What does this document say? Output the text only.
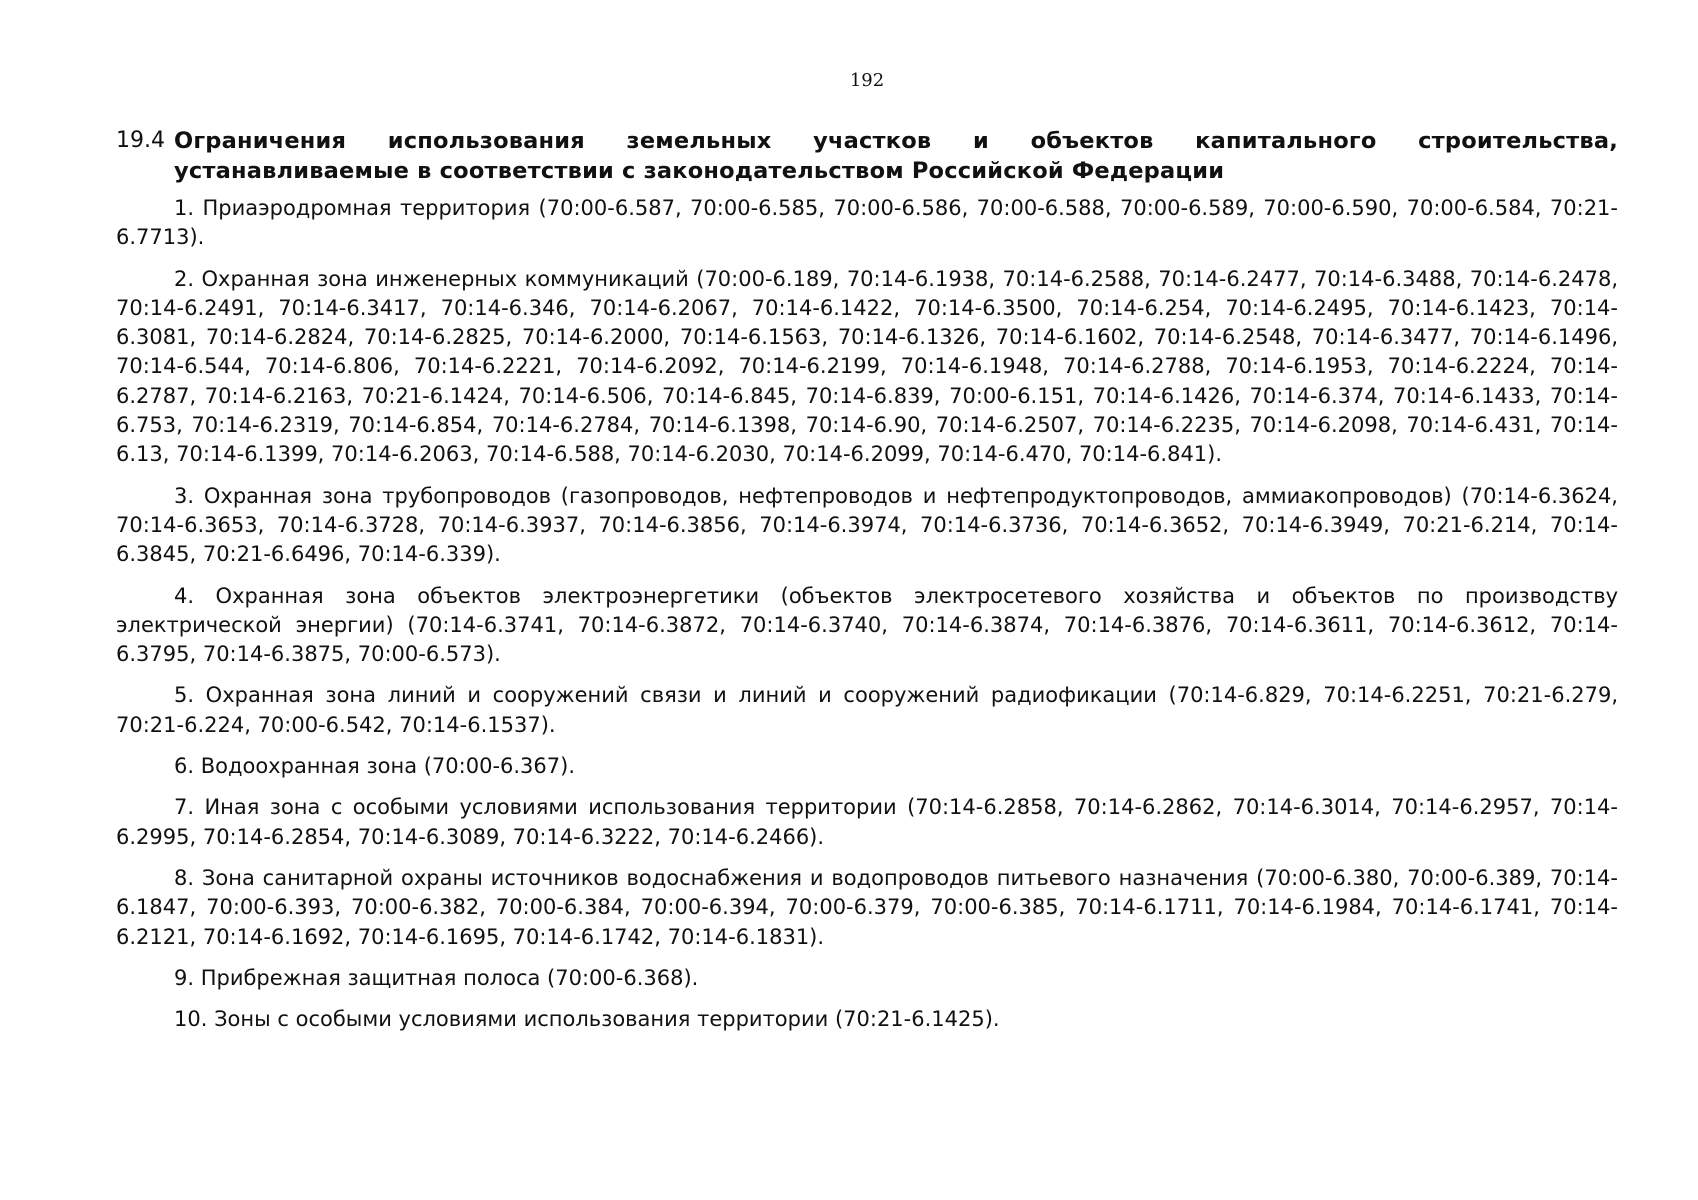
192
19.4 Ограничения использования земельных участков и объектов капитального строительства, устанавливаемые в соответствии с законодательством Российской Федерации

1. Приаэродромная территория (70:00-6.587, 70:00-6.585, 70:00-6.586, 70:00-6.588, 70:00-6.589, 70:00-6.590, 70:00-6.584, 70:21-6.7713).

2. Охранная зона инженерных коммуникаций (70:00-6.189, 70:14-6.1938, 70:14-6.2588, 70:14-6.2477, 70:14-6.3488, 70:14-6.2478, 70:14-6.2491, 70:14-6.3417, 70:14-6.346, 70:14-6.2067, 70:14-6.1422, 70:14-6.3500, 70:14-6.254, 70:14-6.2495, 70:14-6.1423, 70:14-6.3081, 70:14-6.2824, 70:14-6.2825, 70:14-6.2000, 70:14-6.1563, 70:14-6.1326, 70:14-6.1602, 70:14-6.2548, 70:14-6.3477, 70:14-6.1496, 70:14-6.544, 70:14-6.806, 70:14-6.2221, 70:14-6.2092, 70:14-6.2199, 70:14-6.1948, 70:14-6.2788, 70:14-6.1953, 70:14-6.2224, 70:14-6.2787, 70:14-6.2163, 70:21-6.1424, 70:14-6.506, 70:14-6.845, 70:14-6.839, 70:00-6.151, 70:14-6.1426, 70:14-6.374, 70:14-6.1433, 70:14-6.753, 70:14-6.2319, 70:14-6.854, 70:14-6.2784, 70:14-6.1398, 70:14-6.90, 70:14-6.2507, 70:14-6.2235, 70:14-6.2098, 70:14-6.431, 70:14-6.13, 70:14-6.1399, 70:14-6.2063, 70:14-6.588, 70:14-6.2030, 70:14-6.2099, 70:14-6.470, 70:14-6.841).

3. Охранная зона трубопроводов (газопроводов, нефтепроводов и нефтепродуктопроводов, аммиакопроводов) (70:14-6.3624, 70:14-6.3653, 70:14-6.3728, 70:14-6.3937, 70:14-6.3856, 70:14-6.3974, 70:14-6.3736, 70:14-6.3652, 70:14-6.3949, 70:21-6.214, 70:14-6.3845, 70:21-6.6496, 70:14-6.339).

4. Охранная зона объектов электроэнергетики (объектов электросетевого хозяйства и объектов по производству электрической энергии) (70:14-6.3741, 70:14-6.3872, 70:14-6.3740, 70:14-6.3874, 70:14-6.3876, 70:14-6.3611, 70:14-6.3612, 70:14-6.3795, 70:14-6.3875, 70:00-6.573).

5. Охранная зона линий и сооружений связи и линий и сооружений радиофикации (70:14-6.829, 70:14-6.2251, 70:21-6.279, 70:21-6.224, 70:00-6.542, 70:14-6.1537).

6. Водоохранная зона (70:00-6.367).

7. Иная зона с особыми условиями использования территории (70:14-6.2858, 70:14-6.2862, 70:14-6.3014, 70:14-6.2957, 70:14-6.2995, 70:14-6.2854, 70:14-6.3089, 70:14-6.3222, 70:14-6.2466).

8. Зона санитарной охраны источников водоснабжения и водопроводов питьевого назначения (70:00-6.380, 70:00-6.389, 70:14-6.1847, 70:00-6.393, 70:00-6.382, 70:00-6.384, 70:00-6.394, 70:00-6.379, 70:00-6.385, 70:14-6.1711, 70:14-6.1984, 70:14-6.1741, 70:14-6.2121, 70:14-6.1692, 70:14-6.1695, 70:14-6.1742, 70:14-6.1831).

9. Прибрежная защитная полоса (70:00-6.368).

10. Зоны с особыми условиями использования территории (70:21-6.1425).
